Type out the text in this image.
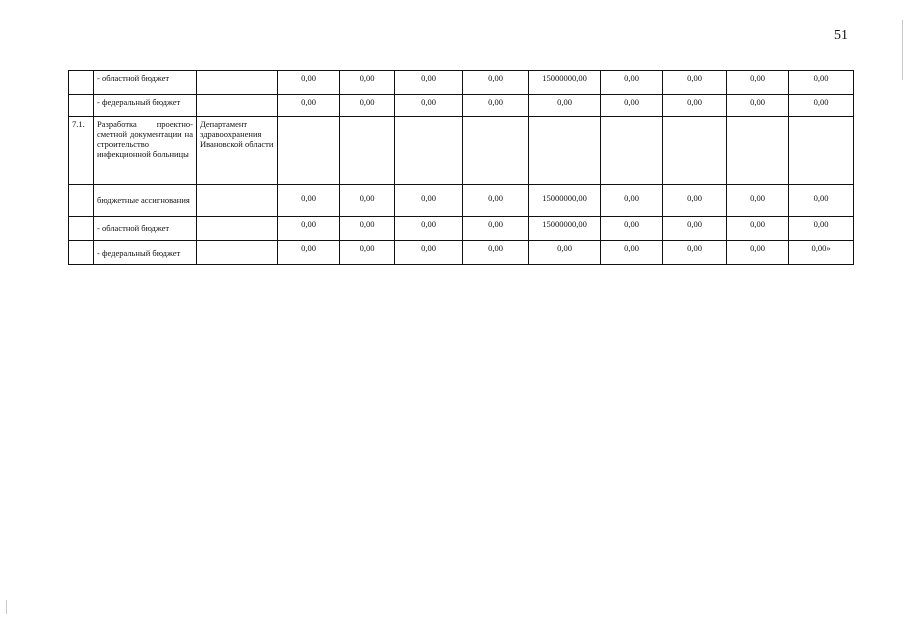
51
	- областной бюджет		0,00	0,00	0,00	0,00	15000000,00	0,00	0,00	0,00	0,00
	- федеральный бюджет		0,00	0,00	0,00	0,00	0,00	0,00	0,00	0,00	0,00
7.1.	Разработка проектно-сметной документации на строительство инфекционной больницы	Департамент здравоохранения Ивановской области									
	бюджетные ассигнования		0,00	0,00	0,00	0,00	15000000,00	0,00	0,00	0,00	0,00
	- областной бюджет		0,00	0,00	0,00	0,00	15000000,00	0,00	0,00	0,00	0,00
	- федеральный бюджет		0,00	0,00	0,00	0,00	0,00	0,00	0,00	0,00	0,00»
